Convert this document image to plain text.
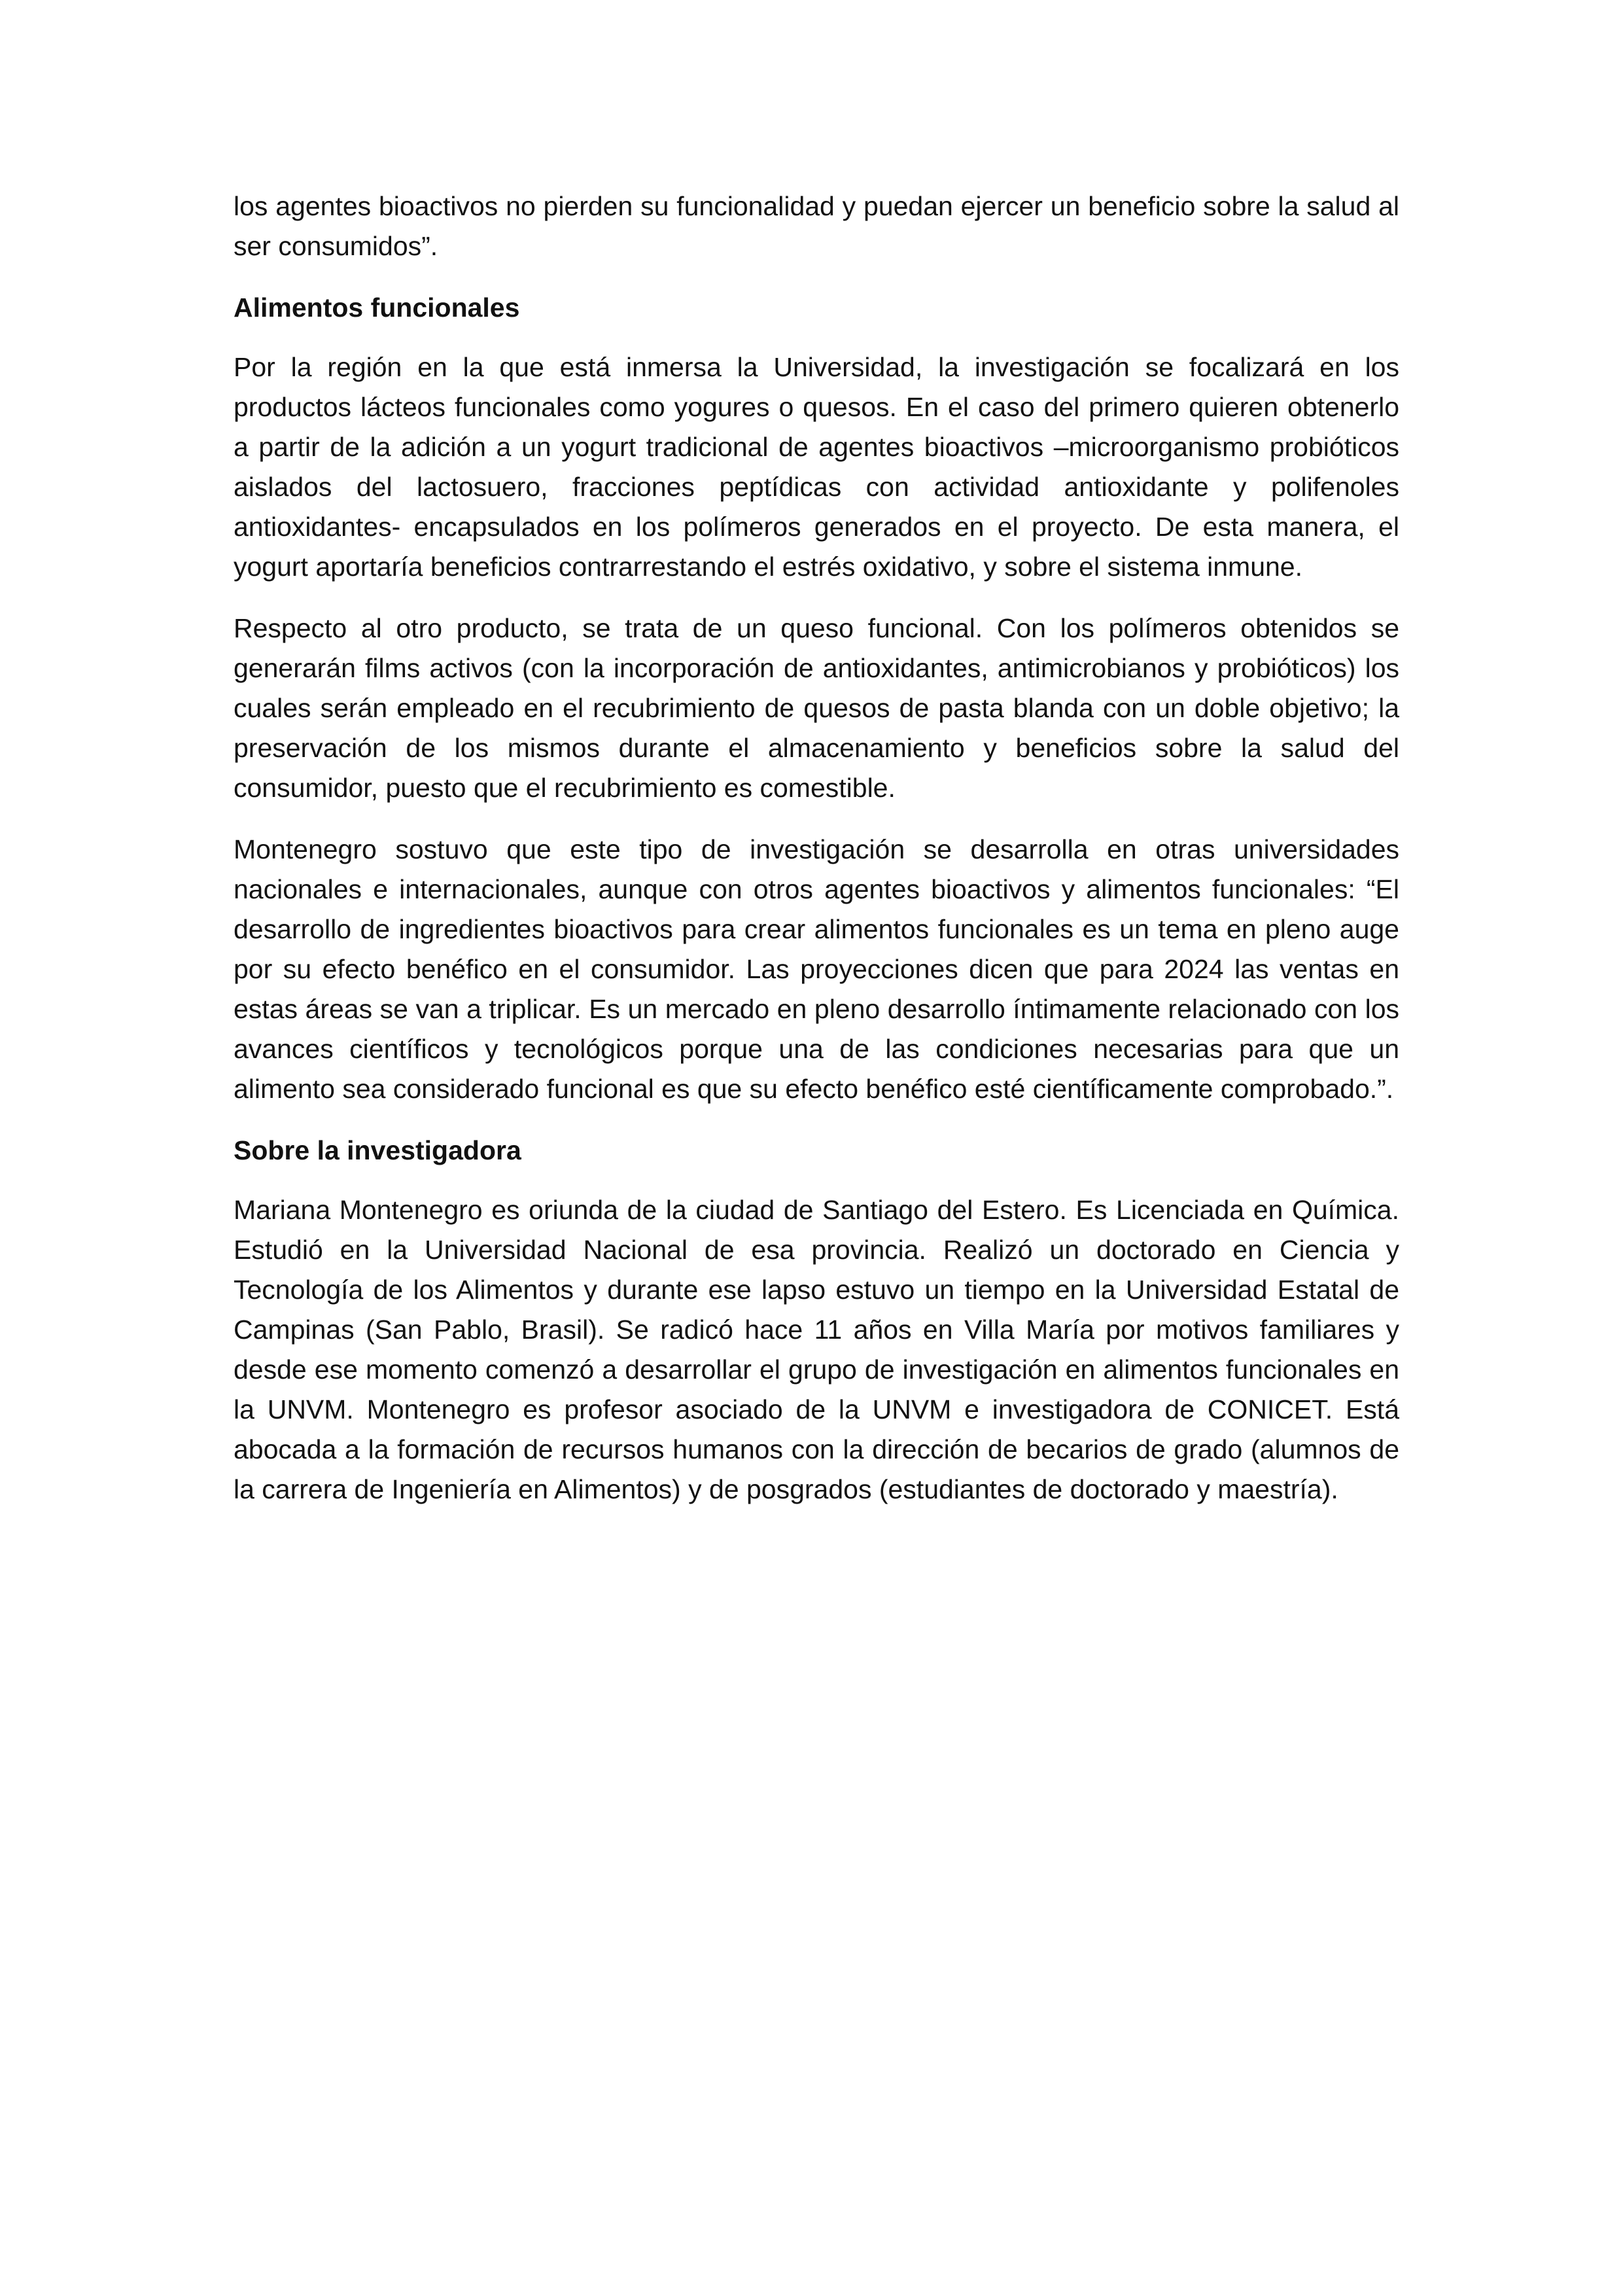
los agentes bioactivos no pierden su funcionalidad y puedan ejercer un beneficio sobre la salud al ser consumidos”.

Alimentos funcionales

Por la región en la que está inmersa la Universidad, la investigación se focalizará en los productos lácteos funcionales como yogures o quesos. En el caso del primero quieren obtenerlo a partir de la adición a un yogurt tradicional de agentes bioactivos –microorganismo probióticos aislados del lactosuero, fracciones peptídicas con actividad antioxidante y polifenoles antioxidantes- encapsulados en los polímeros generados en el proyecto. De esta manera, el yogurt aportaría beneficios contrarrestando el estrés oxidativo, y sobre el sistema inmune.

Respecto al otro producto, se trata de un queso funcional. Con los polímeros obtenidos se generarán films activos (con la incorporación de antioxidantes, antimicrobianos y probióticos) los cuales serán empleado en el recubrimiento de quesos de pasta blanda con un doble objetivo; la preservación de los mismos durante el almacenamiento y beneficios sobre la salud del consumidor, puesto que el recubrimiento es comestible.

Montenegro sostuvo que este tipo de investigación se desarrolla en otras universidades nacionales e internacionales, aunque con otros agentes bioactivos y alimentos funcionales: “El desarrollo de ingredientes bioactivos para crear alimentos funcionales es un tema en pleno auge por su efecto benéfico en el consumidor. Las proyecciones dicen que para 2024 las ventas en estas áreas se van a triplicar. Es un mercado en pleno desarrollo íntimamente relacionado con los avances científicos y tecnológicos porque una de las condiciones necesarias para que un alimento sea considerado funcional es que su efecto benéfico esté científicamente comprobado.”.

Sobre la investigadora

Mariana Montenegro es oriunda de la ciudad de Santiago del Estero. Es Licenciada en Química. Estudió en la Universidad Nacional de esa provincia. Realizó un doctorado en Ciencia y Tecnología de los Alimentos y durante ese lapso estuvo un tiempo en la Universidad Estatal de Campinas (San Pablo, Brasil). Se radicó hace 11 años en Villa María por motivos familiares y desde ese momento comenzó a desarrollar el grupo de investigación en alimentos funcionales en la UNVM. Montenegro es profesor asociado de la UNVM e investigadora de CONICET. Está abocada a la formación de recursos humanos con la dirección de becarios de grado (alumnos de la carrera de Ingeniería en Alimentos) y de posgrados (estudiantes de doctorado y maestría).
